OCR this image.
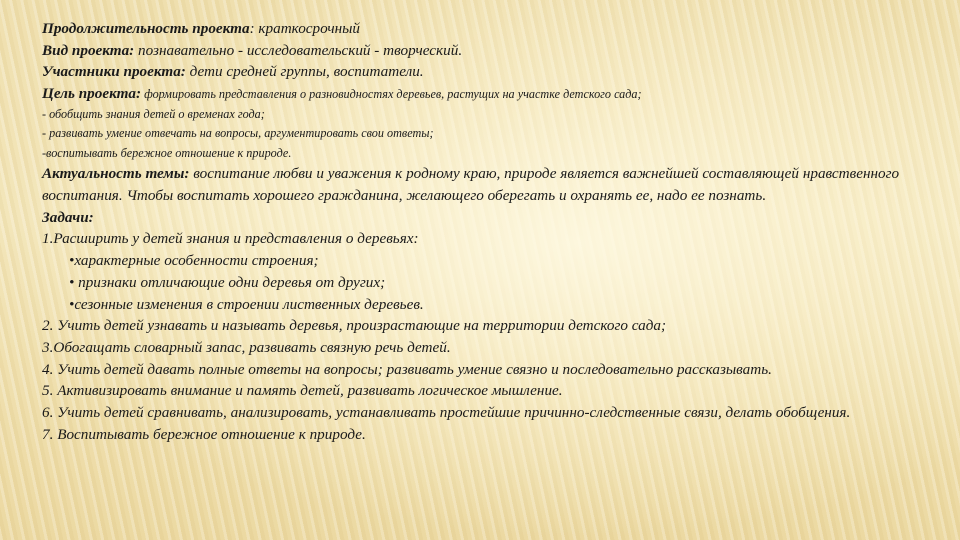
Продолжительность проекта: краткосрочный
Вид проекта: познавательно - исследовательский - творческий.
Участники проекта: дети средней группы, воспитатели.
Цель проекта: формировать представления о разновидностях деревьев, растущих на участке детского сада;
- обобщить знания детей о временах года;
- развивать умение отвечать на вопросы, аргументировать свои ответы;
-воспитывать бережное отношение к природе.
Актуальность темы: воспитание любви и уважения к родному краю, природе является важнейшей составляющей нравственного воспитания. Чтобы воспитать хорошего гражданина, желающего оберегать и охранять ее, надо ее познать.
Задачи:
1.Расширить у детей знания и представления о деревьях:
•характерные особенности строения;
• признаки отличающие одни деревья от других;
•сезонные изменения в строении лиственных деревьев.
2. Учить детей узнавать и называть деревья, произрастающие на территории детского сада;
3.Обогащать словарный запас, развивать связную речь детей.
4. Учить детей давать полные ответы на вопросы; развивать умение связно и последовательно рассказывать.
5. Активизировать внимание и память детей, развивать логическое мышление.
6. Учить детей сравнивать, анализировать, устанавливать простейшие причинно-следственные связи, делать обобщения.
7. Воспитывать бережное отношение к природе.
